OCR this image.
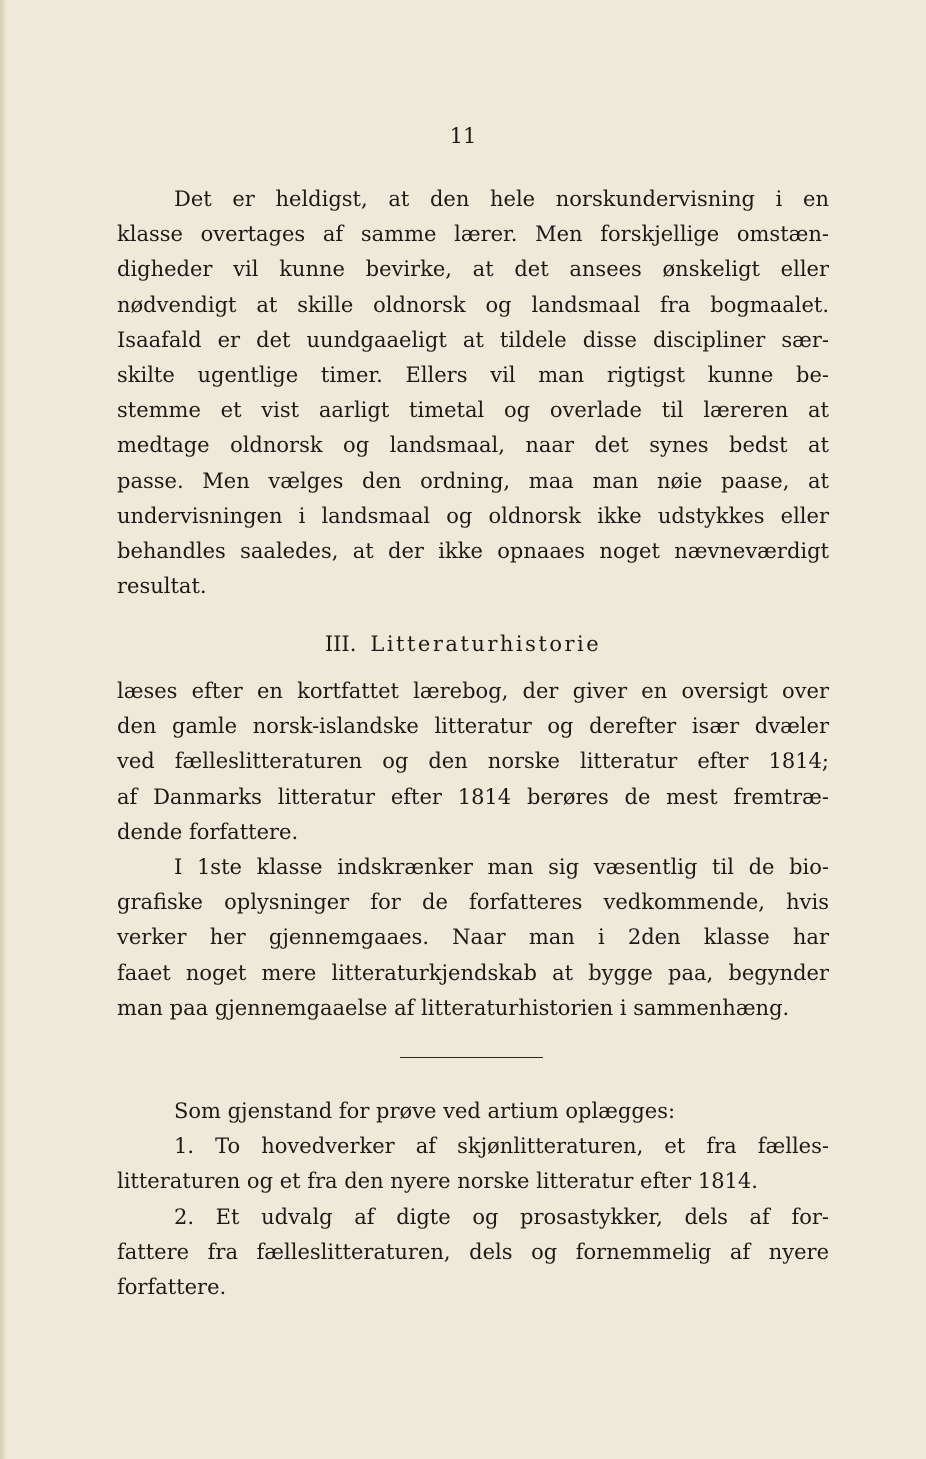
11
Det er heldigst, at den hele norskundervisning i en
klasse overtages af samme lærer. Men forskjellige omstæn-
digheder vil kunne bevirke, at det ansees ønskeligt eller
nødvendigt at skille oldnorsk og landsmaal fra bogmaalet.
Isaafald er det uundgaaeligt at tildele disse discipliner sær-
skilte ugentlige timer. Ellers vil man rigtigst kunne be-
stemme et vist aarligt timetal og overlade til læreren at
medtage oldnorsk og landsmaal, naar det synes bedst at
passe. Men vælges den ordning, maa man nøie paase, at
undervisningen i landsmaal og oldnorsk ikke udstykkes eller
behandles saaledes, at der ikke opnaaes noget nævneværdigt
resultat.
III. Litteraturhistorie
læses efter en kortfattet lærebog, der giver en oversigt over
den gamle norsk-islandske litteratur og derefter især dvæler
ved fælleslitteraturen og den norske litteratur efter 1814;
af Danmarks litteratur efter 1814 berøres de mest fremtræ-
dende forfattere.
I 1ste klasse indskrænker man sig væsentlig til de bio-
grafiske oplysninger for de forfatteres vedkommende, hvis
verker her gjennemgaaes. Naar man i 2den klasse har
faaet noget mere litteraturkjendskab at bygge paa, begynder
man paa gjennemgaaelse af litteraturhistorien i sammenhæng.
Som gjenstand for prøve ved artium oplægges:
1. To hovedverker af skjønlitteraturen, et fra fælles-
litteraturen og et fra den nyere norske litteratur efter 1814.
2. Et udvalg af digte og prosastykker, dels af for-
fattere fra fælleslitteraturen, dels og fornemmelig af nyere
forfattere.
